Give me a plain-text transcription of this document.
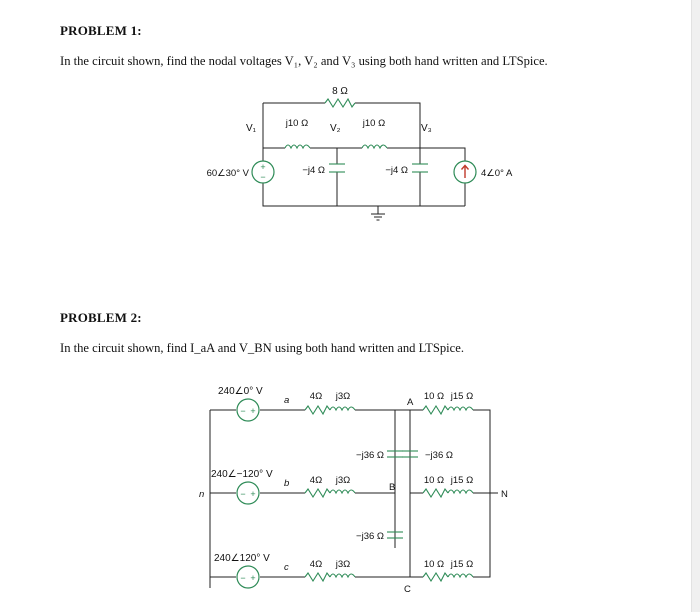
PROBLEM 1:
In the circuit shown, find the nodal voltages V₁, V₂ and V₃ using both hand written and LTSpice.
+
−
8 Ω
V₁	V₂	V₃
j10 Ω	j10 Ω
−j4 Ω	−j4 Ω
60∠30° V	4∠0° A
− +
− +
− +
240∠0° V
240∠−120° V
240∠120° V
a
b
c
n
4Ω j3Ω
4Ω j3Ω
4Ω j3Ω
−j36 Ω	−j36 Ω
−j36 Ω
A
B
C
N
10 Ω j15 Ω
10 Ω j15 Ω
10 Ω j15 Ω
PROBLEM 2:
In the circuit shown, find I_aA and V_BN using both hand written and LTSpice.
